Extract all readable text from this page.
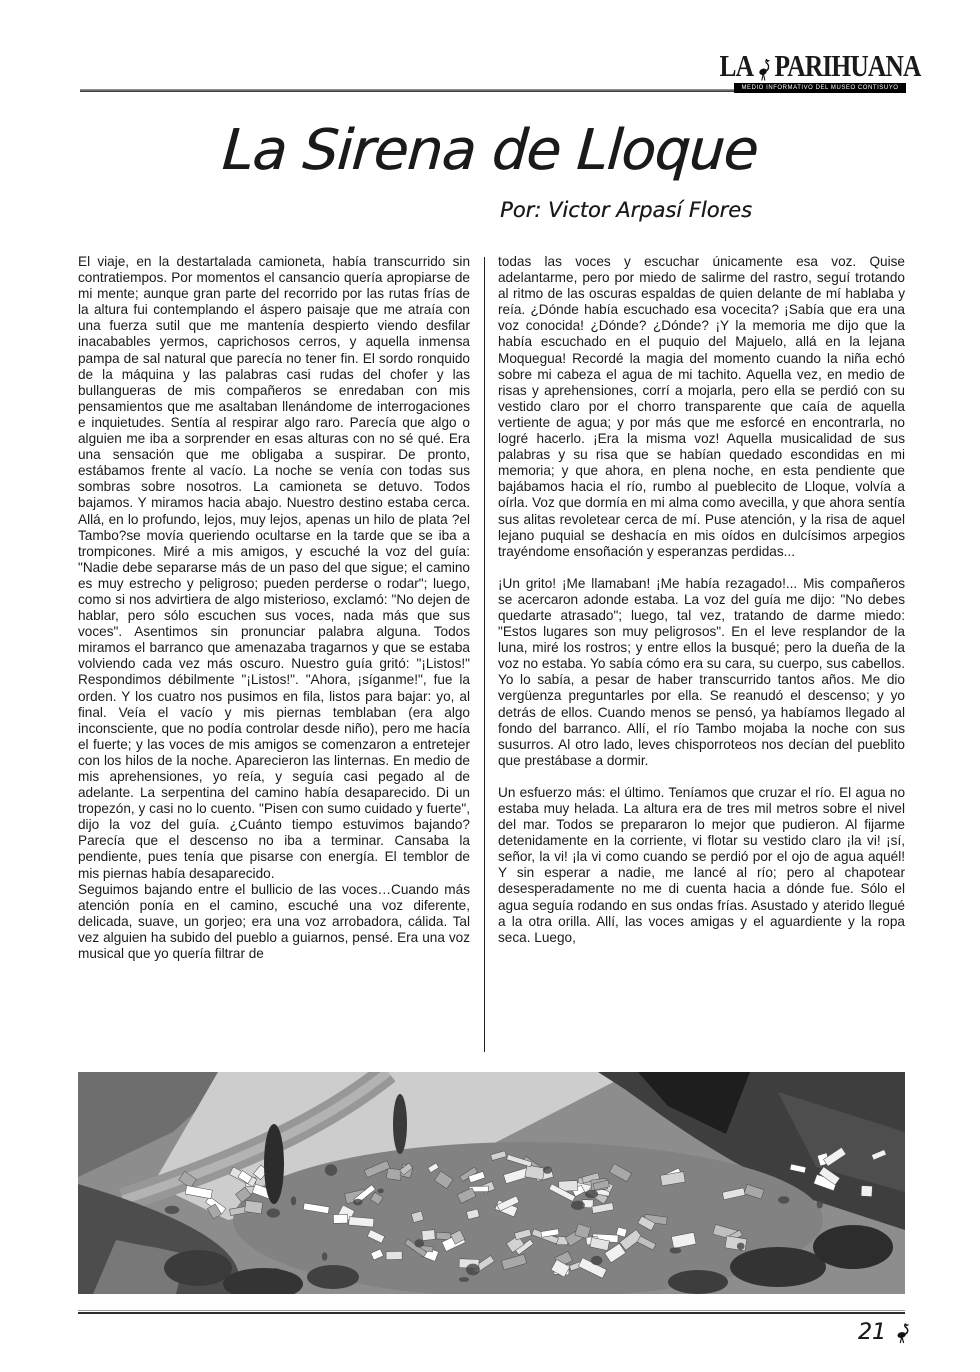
LA PARIHUANA
MEDIO INFORMATIVO DEL MUSEO CONTISUYO
La Sirena de Lloque
Por: Victor Arpasí Flores

El viaje, en la destartalada camioneta, había transcurrido sin contratiempos. Por momentos el cansancio quería apropiarse de mi mente; aunque gran parte del recorrido por las rutas frías de la altura fui contemplando el áspero paisaje que me atraía con una fuerza sutil que me mantenía despierto viendo desfilar inacabables yermos, caprichosos cerros, y aquella inmensa pampa de sal natural que parecía no tener fin. El sordo ronquido de la máquina y las palabras casi rudas del chofer y las bullangueras de mis compañeros se enredaban con mis pensamientos que me asaltaban llenándome de interrogaciones e inquietudes. Sentía al respirar algo raro. Parecía que algo o alguien me iba a sorprender en esas alturas con no sé qué. Era una sensación que me obligaba a suspirar. De pronto, estábamos frente al vacío. La noche se venía con todas sus sombras sobre nosotros. La camioneta se detuvo. Todos bajamos. Y miramos hacia abajo. Nuestro destino estaba cerca. Allá, en lo profundo, lejos, muy lejos, apenas un hilo de plata ?el Tambo?se movía queriendo ocultarse en la tarde que se iba a trompicones. Miré a mis amigos, y escuché la voz del guía: "Nadie debe separarse más de un paso del que sigue; el camino es muy estrecho y peligroso; pueden perderse o rodar"; luego, como si nos advirtiera de algo misterioso, exclamó: "No dejen de hablar, pero sólo escuchen sus voces, nada más que sus voces". Asentimos sin pronunciar palabra alguna. Todos miramos el barranco que amenazaba tragarnos y que se estaba volviendo cada vez más oscuro. Nuestro guía gritó: "¡Listos!" Respondimos débilmente "¡Listos!". "Ahora, ¡síganme!", fue la orden. Y los cuatro nos pusimos en fila, listos para bajar: yo, al final. Veía el vacío y mis piernas temblaban (era algo inconsciente, que no podía controlar desde niño), pero me hacía el fuerte; y las voces de mis amigos se comenzaron a entretejer con los hilos de la noche. Aparecieron las linternas. En medio de mis aprehensiones, yo reía, y seguía casi pegado al de adelante. La serpentina del camino había desaparecido. Di un tropezón, y casi no lo cuento. "Pisen con sumo cuidado y fuerte", dijo la voz del guía. ¿Cuánto tiempo estuvimos bajando? Parecía que el descenso no iba a terminar. Cansaba la pendiente, pues tenía que pisarse con energía. El temblor de mis piernas había desaparecido.

Seguimos bajando entre el bullicio de las voces…Cuando más atención ponía en el camino, escuché una voz diferente, delicada, suave, un gorjeo; era una voz arrobadora, cálida. Tal vez alguien ha subido del pueblo a guiarnos, pensé. Era una voz musical que yo quería filtrar de

todas las voces y escuchar únicamente esa voz. Quise adelantarme, pero por miedo de salirme del rastro, seguí trotando al ritmo de las oscuras espaldas de quien delante de mí hablaba y reía. ¿Dónde había escuchado esa vocecita? ¡Sabía que era una voz conocida! ¿Dónde? ¿Dónde? ¡Y la memoria me dijo que la había escuchado en el puquio del Majuelo, allá en la lejana Moquegua! Recordé la magia del momento cuando la niña echó sobre mi cabeza el agua de mi tachito. Aquella vez, en medio de risas y aprehensiones, corrí a mojarla, pero ella se perdió con su vestido claro por el chorro transparente que caía de aquella vertiente de agua; y por más que me esforcé en encontrarla, no logré hacerlo. ¡Era la misma voz! Aquella musicalidad de sus palabras y su risa que se habían quedado escondidas en mi memoria; y que ahora, en plena noche, en esta pendiente que bajábamos hacia el río, rumbo al pueblecito de Lloque, volvía a oírla. Voz que dormía en mi alma como avecilla, y que ahora sentía sus alitas revoletear cerca de mí. Puse atención, y la risa de aquel lejano puquial se deshacía en mis oídos en dulcísimos arpegios trayéndome ensoñación y esperanzas perdidas...

¡Un grito! ¡Me llamaban! ¡Me había rezagado!... Mis compañeros se acercaron adonde estaba. La voz del guía me dijo: "No debes quedarte atrasado"; luego, tal vez, tratando de darme miedo: "Estos lugares son muy peligrosos". En el leve resplandor de la luna, miré los rostros; y entre ellos la busqué; pero la dueña de la voz no estaba. Yo sabía cómo era su cara, su cuerpo, sus cabellos. Yo lo sabía, a pesar de haber transcurrido tantos años. Me dio vergüenza preguntarles por ella. Se reanudó el descenso; y yo detrás de ellos. Cuando menos se pensó, ya habíamos llegado al fondo del barranco. Allí, el río Tambo mojaba la noche con sus susurros. Al otro lado, leves chisporroteos nos decían del pueblito que prestábase a dormir.

Un esfuerzo más: el último. Teníamos que cruzar el río. El agua no estaba muy helada. La altura era de tres mil metros sobre el nivel del mar. Todos se prepararon lo mejor que pudieron. Al fijarme detenidamente en la corriente, vi flotar su vestido claro ¡la vi! ¡sí, señor, la vi! ¡la vi como cuando se perdió por el ojo de agua aquél! Y sin esperar a nadie, me lancé al río; pero al chapotear desesperadamente no me di cuenta hacia a dónde fue. Sólo el agua seguía rodando en sus ondas frías. Asustado y aterido llegué a la otra orilla. Allí, las voces amigas y el aguardiente y la ropa seca. Luego,

21
